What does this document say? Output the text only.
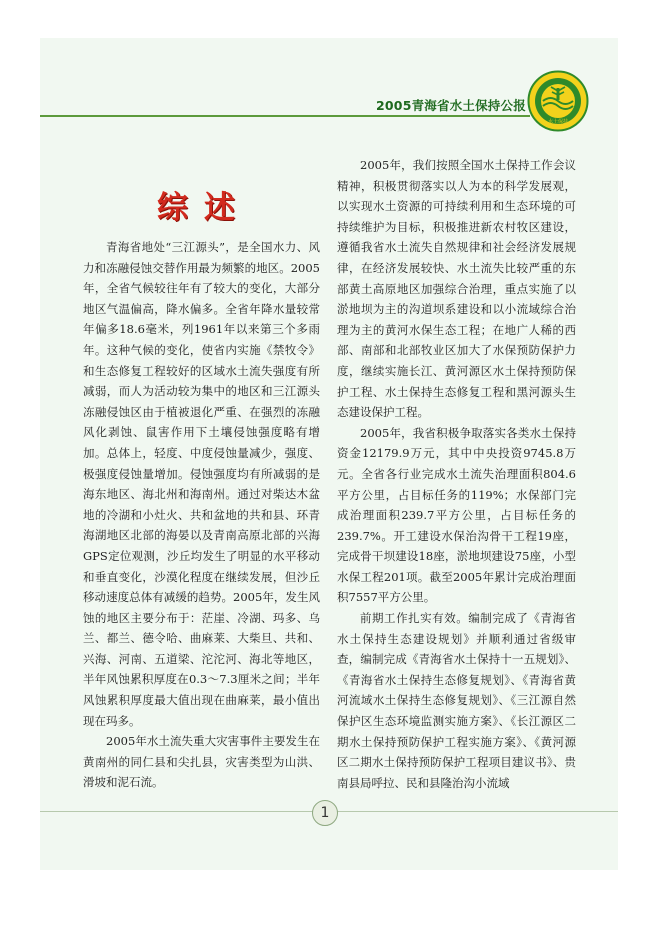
2005青海省水土保持公报
水土保持
综述

青海省地处“三江源头”，是全国水力、风力和冻融侵蚀交替作用最为频繁的地区。2005年，全省气候较往年有了较大的变化，大部分地区气温偏高，降水偏多。全省年降水量较常年偏多18.6毫米，列1961年以来第三个多雨年。这种气候的变化，使省内实施《禁牧令》和生态修复工程较好的区域水土流失强度有所减弱，而人为活动较为集中的地区和三江源头冻融侵蚀区由于植被退化严重、在强烈的冻融风化剥蚀、鼠害作用下土壤侵蚀强度略有增加。总体上，轻度、中度侵蚀量减少，强度、极强度侵蚀量增加。侵蚀强度均有所减弱的是海东地区、海北州和海南州。通过对柴达木盆地的冷湖和小灶火、共和盆地的共和县、环青海湖地区北部的海晏以及青南高原北部的兴海GPS定位观测，沙丘均发生了明显的水平移动和垂直变化，沙漠化程度在继续发展，但沙丘移动速度总体有减缓的趋势。2005年，发生风蚀的地区主要分布于：茫崖、冷湖、玛多、乌兰、都兰、德令哈、曲麻莱、大柴旦、共和、兴海、河南、五道梁、沱沱河、海北等地区，半年风蚀累积厚度在0.3～7.3厘米之间；半年风蚀累积厚度最大值出现在曲麻莱，最小值出现在玛多。

2005年水土流失重大灾害事件主要发生在黄南州的同仁县和尖扎县，灾害类型为山洪、滑坡和泥石流。

2005年，我们按照全国水土保持工作会议精神，积极贯彻落实以人为本的科学发展观，以实现水土资源的可持续利用和生态环境的可持续维护为目标，积极推进新农村牧区建设，遵循我省水土流失自然规律和社会经济发展规律，在经济发展较快、水土流失比较严重的东部黄土高原地区加强综合治理，重点实施了以淤地坝为主的沟道坝系建设和以小流域综合治理为主的黄河水保生态工程；在地广人稀的西部、南部和北部牧业区加大了水保预防保护力度，继续实施长江、黄河源区水土保持预防保护工程、水土保持生态修复工程和黑河源头生态建设保护工程。

2005年，我省积极争取落实各类水土保持资金12179.9万元，其中中央投资9745.8万元。全省各行业完成水土流失治理面积804.6平方公里，占目标任务的119%；水保部门完成治理面积239.7平方公里，占目标任务的239.7%。开工建设水保治沟骨干工程19座，完成骨干坝建设18座，淤地坝建设75座，小型水保工程201项。截至2005年累计完成治理面积7557平方公里。

前期工作扎实有效。编制完成了《青海省水土保持生态建设规划》并顺利通过省级审查，编制完成《青海省水土保持十一五规划》、《青海省水土保持生态修复规划》、《青海省黄河流域水土保持生态修复规划》、《三江源自然保护区生态环境监测实施方案》、《长江源区二期水土保持预防保护工程实施方案》、《黄河源区二期水土保持预防保护工程项目建议书》、贵南县局呼拉、民和县隆治沟小流域

1
